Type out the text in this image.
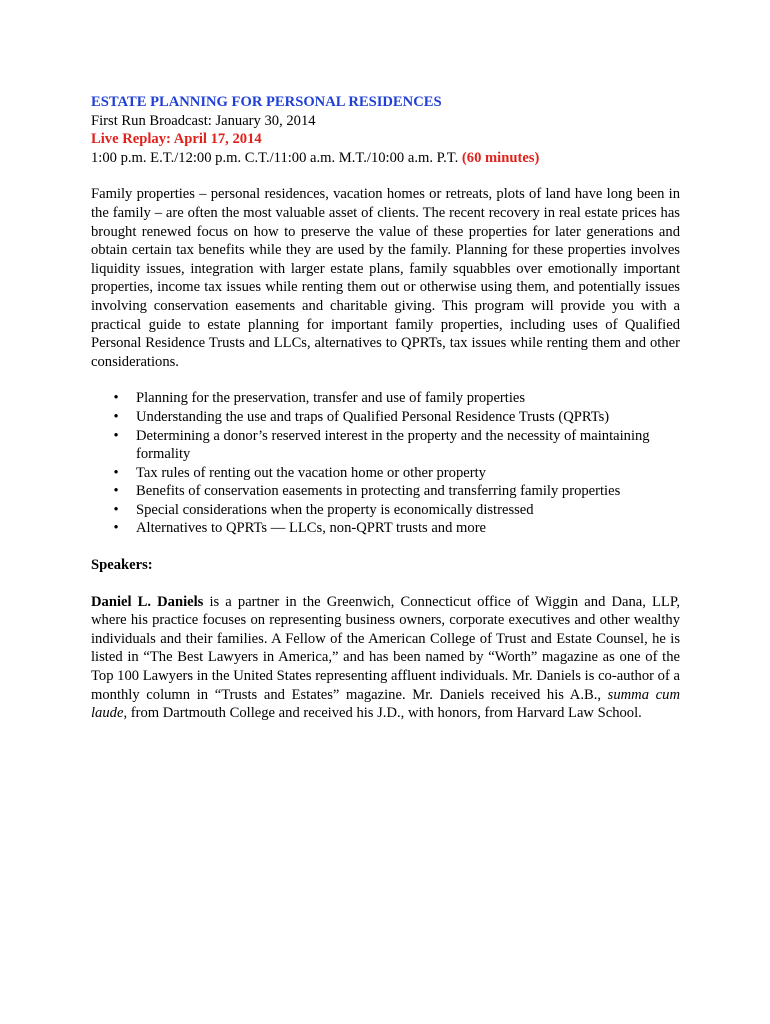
ESTATE PLANNING FOR PERSONAL RESIDENCES

First Run Broadcast: January 30, 2014

Live Replay: April 17, 2014

1:00 p.m. E.T./12:00 p.m. C.T./11:00 a.m. M.T./10:00 a.m. P.T. (60 minutes)

Family properties – personal residences, vacation homes or retreats, plots of land have long been in the family – are often the most valuable asset of clients. The recent recovery in real estate prices has brought renewed focus on how to preserve the value of these properties for later generations and obtain certain tax benefits while they are used by the family. Planning for these properties involves liquidity issues, integration with larger estate plans, family squabbles over emotionally important properties, income tax issues while renting them out or otherwise using them, and potentially issues involving conservation easements and charitable giving. This program will provide you with a practical guide to estate planning for important family properties, including uses of Qualified Personal Residence Trusts and LLCs, alternatives to QPRTs, tax issues while renting them and other considerations.

• Planning for the preservation, transfer and use of family properties
• Understanding the use and traps of Qualified Personal Residence Trusts (QPRTs)
• Determining a donor’s reserved interest in the property and the necessity of maintaining formality
• Tax rules of renting out the vacation home or other property
• Benefits of conservation easements in protecting and transferring family properties
• Special considerations when the property is economically distressed
• Alternatives to QPRTs — LLCs, non-QPRT trusts and more

Speakers:

Daniel L. Daniels is a partner in the Greenwich, Connecticut office of Wiggin and Dana, LLP, where his practice focuses on representing business owners, corporate executives and other wealthy individuals and their families. A Fellow of the American College of Trust and Estate Counsel, he is listed in “The Best Lawyers in America,” and has been named by “Worth” magazine as one of the Top 100 Lawyers in the United States representing affluent individuals. Mr. Daniels is co-author of a monthly column in “Trusts and Estates” magazine. Mr. Daniels received his A.B., summa cum laude, from Dartmouth College and received his J.D., with honors, from Harvard Law School.
